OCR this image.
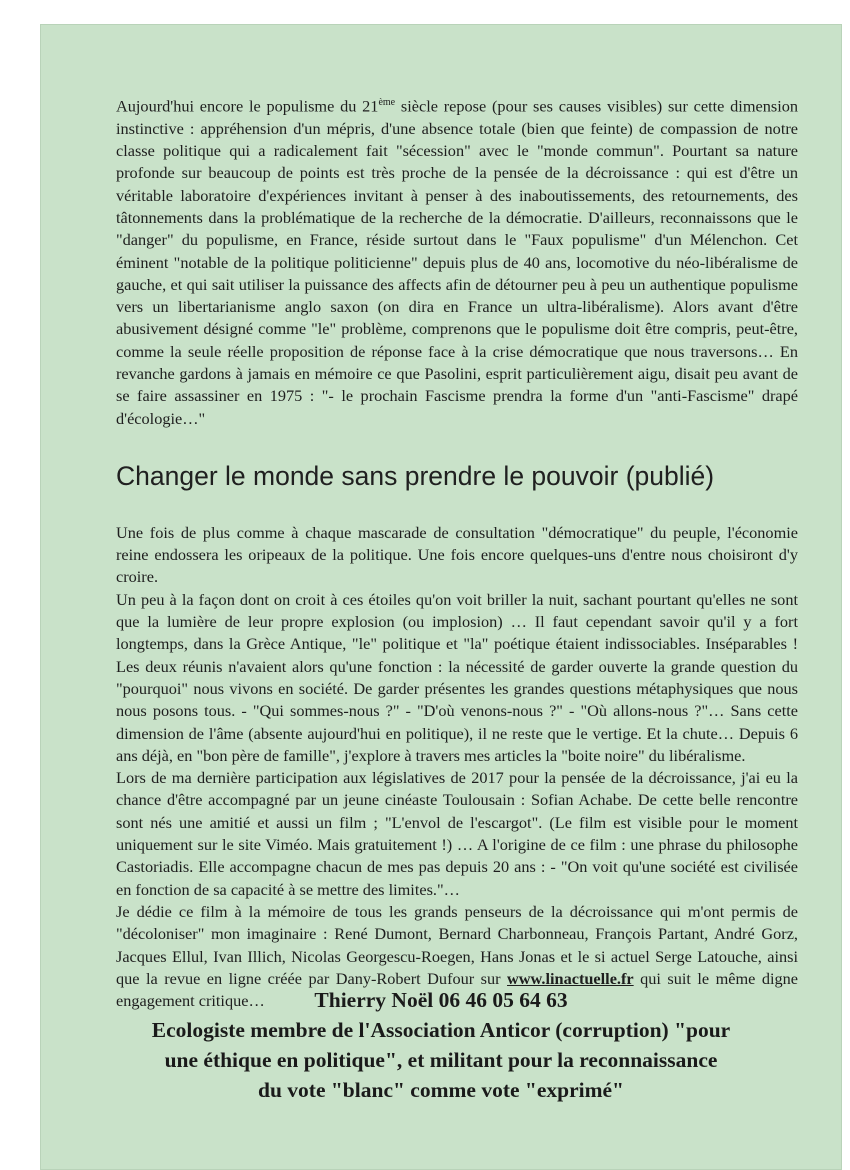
Aujourd'hui encore le populisme du 21ème siècle repose (pour ses causes visibles) sur cette dimension instinctive : appréhension d'un mépris, d'une absence totale (bien que feinte) de compassion de notre classe politique qui a radicalement fait "sécession" avec le "monde commun". Pourtant sa nature profonde sur beaucoup de points est très proche de la pensée de la décroissance : qui est d'être un véritable laboratoire d'expériences invitant à penser à des inaboutissements, des retournements, des tâtonnements dans la problématique de la recherche de la démocratie. D'ailleurs, reconnaissons que le "danger" du populisme, en France, réside surtout dans le "Faux populisme" d'un Mélenchon. Cet éminent "notable de la politique politicienne" depuis plus de 40 ans, locomotive du néo-libéralisme de gauche, et qui sait utiliser la puissance des affects afin de détourner peu à peu un authentique populisme vers un libertarianisme anglo saxon (on dira en France un ultra-libéralisme). Alors avant d'être abusivement désigné comme "le" problème, comprenons que le populisme doit être compris, peut-être, comme la seule réelle proposition de réponse face à la crise démocratique que nous traversons… En revanche gardons à jamais en mémoire ce que Pasolini, esprit particulièrement aigu, disait peu avant de se faire assassiner en 1975 : "- le prochain Fascisme prendra la forme d'un "anti-Fascisme" drapé d'écologie…"

Changer le monde sans prendre le pouvoir (publié)

Une fois de plus comme à chaque mascarade de consultation "démocratique" du peuple, l'économie reine endossera les oripeaux de la politique. Une fois encore quelques-uns d'entre nous choisiront d'y croire.

Un peu à la façon dont on croit à ces étoiles qu'on voit briller la nuit, sachant pourtant qu'elles ne sont que la lumière de leur propre explosion (ou implosion) … Il faut cependant savoir qu'il y a fort longtemps, dans la Grèce Antique, "le" politique et "la" poétique étaient indissociables. Inséparables ! Les deux réunis n'avaient alors qu'une fonction : la nécessité de garder ouverte la grande question du "pourquoi" nous vivons en société. De garder présentes les grandes questions métaphysiques que nous nous posons tous. - "Qui sommes-nous ?" - "D'où venons-nous ?" - "Où allons-nous ?"… Sans cette dimension de l'âme (absente aujourd'hui en politique), il ne reste que le vertige. Et la chute… Depuis 6 ans déjà, en "bon père de famille", j'explore à travers mes articles la "boite noire" du libéralisme.

Lors de ma dernière participation aux législatives de 2017 pour la pensée de la décroissance, j'ai eu la chance d'être accompagné par un jeune cinéaste Toulousain : Sofian Achabe. De cette belle rencontre sont nés une amitié et aussi un film ; "L'envol de l'escargot". (Le film est visible pour le moment uniquement sur le site Viméo. Mais gratuitement !) … A l'origine de ce film : une phrase du philosophe Castoriadis. Elle accompagne chacun de mes pas depuis 20 ans : - "On voit qu'une société est civilisée en fonction de sa capacité à se mettre des limites."…

Je dédie ce film à la mémoire de tous les grands penseurs de la décroissance qui m'ont permis de "décoloniser" mon imaginaire : René Dumont, Bernard Charbonneau, François Partant, André Gorz, Jacques Ellul, Ivan Illich, Nicolas Georgescu-Roegen, Hans Jonas et le si actuel Serge Latouche, ainsi que la revue en ligne créée par Dany-Robert Dufour sur www.linactuelle.fr qui suit le même digne engagement critique…	Thierry Noël 06 46 05 64 63
Ecologiste membre de l'Association Anticor (corruption) "pour
une éthique en politique", et militant pour la reconnaissance
du vote "blanc" comme vote "exprimé"
